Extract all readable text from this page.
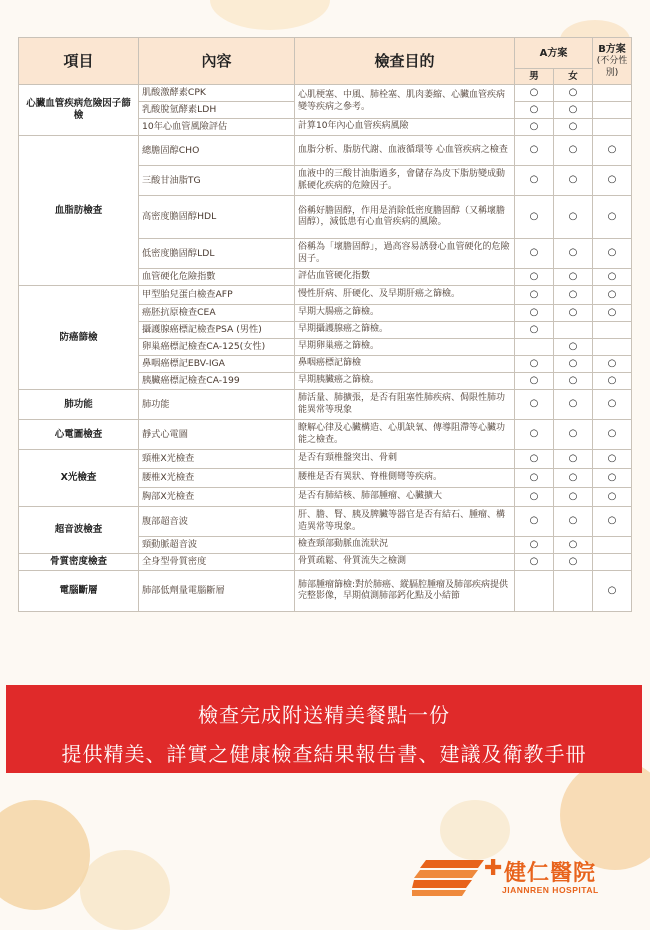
項目	內容	檢查目的	A方案		B方案
(不分性別)
			男	女	
心臟血管疾病危險因子篩檢	肌酸激酵素CPK	心肌梗塞、中風、肺栓塞、肌肉萎縮、心臟血管疾病變等疾病之參考。	○	○	
	乳酸脫氫酵素LDH		○	○	
	10年心血管風險評估	計算10年內心血管疾病風險	○	○	
血脂肪檢查	總膽固醇CHO	血脂分析、脂肪代謝、血液循環等 心血管疾病之檢查	○	○	○
	三酸甘油脂TG	血液中的三酸甘油脂過多，會儲存為皮下脂肪變成動脈硬化疾病的危險因子。	○	○	○
	高密度膽固醇HDL	俗稱好膽固醇，作用是消除低密度膽固醇（又稱壞膽固醇），減低患有心血管疾病的風險。	○	○	○
	低密度膽固醇LDL	俗稱為「壞膽固醇」，過高容易誘發心血管硬化的危險因子。	○	○	○
	血管硬化危險指數	評估血管硬化指數	○	○	○
防癌篩檢	甲型胎兒蛋白檢查AFP	慢性肝病、肝硬化、及早期肝癌之篩檢。	○	○	○
	癌胚抗原檢查CEA	早期大腸癌之篩檢。	○	○	○
	攝護腺癌標記檢查PSA (男性)	早期攝護腺癌之篩檢。	○		
	卵巢癌標記檢查CA-125(女性)	早期卵巢癌之篩檢。		○	
	鼻咽癌標記EBV-IGA	鼻咽癌標記篩檢	○	○	○
	胰臟癌標記檢查CA-199	早期胰臟癌之篩檢。	○	○	○
肺功能	肺功能	肺活量、肺擴張，是否有阻塞性肺疾病、侷限性肺功能異常等現象	○	○	○
心電圖檢查	靜式心電圖	瞭解心律及心臟構造、心肌缺氧、傳導阻滯等心臟功能之檢查。	○	○	○
X光檢查	頸椎X光檢查	是否有頸椎盤突出、骨刺	○	○	○
	腰椎X光檢查	腰椎是否有異狀、脊椎側彎等疾病。	○	○	○
	胸部X光檢查	是否有肺結核、肺部腫瘤、心臟擴大	○	○	○
超音波檢查	腹部超音波	肝、膽、腎、胰及脾臟等器官是否有結石、腫瘤、構造異常等現象。	○	○	○
	頸動脈超音波	檢查頸部動脈血流狀況	○	○	
骨質密度檢查	全身型骨質密度	骨質疏鬆、骨質流失之檢測	○	○	
電腦斷層	肺部低劑量電腦斷層	肺部腫瘤篩檢:對於肺癌、縱膈腔腫瘤及肺部疾病提供完整影像，早期偵測肺部鈣化點及小結節			○
檢查完成附送精美餐點一份
提供精美、詳實之健康檢查結果報告書、建議及衛教手冊
✚ 健仁醫院
JIANNREN HOSPITAL
